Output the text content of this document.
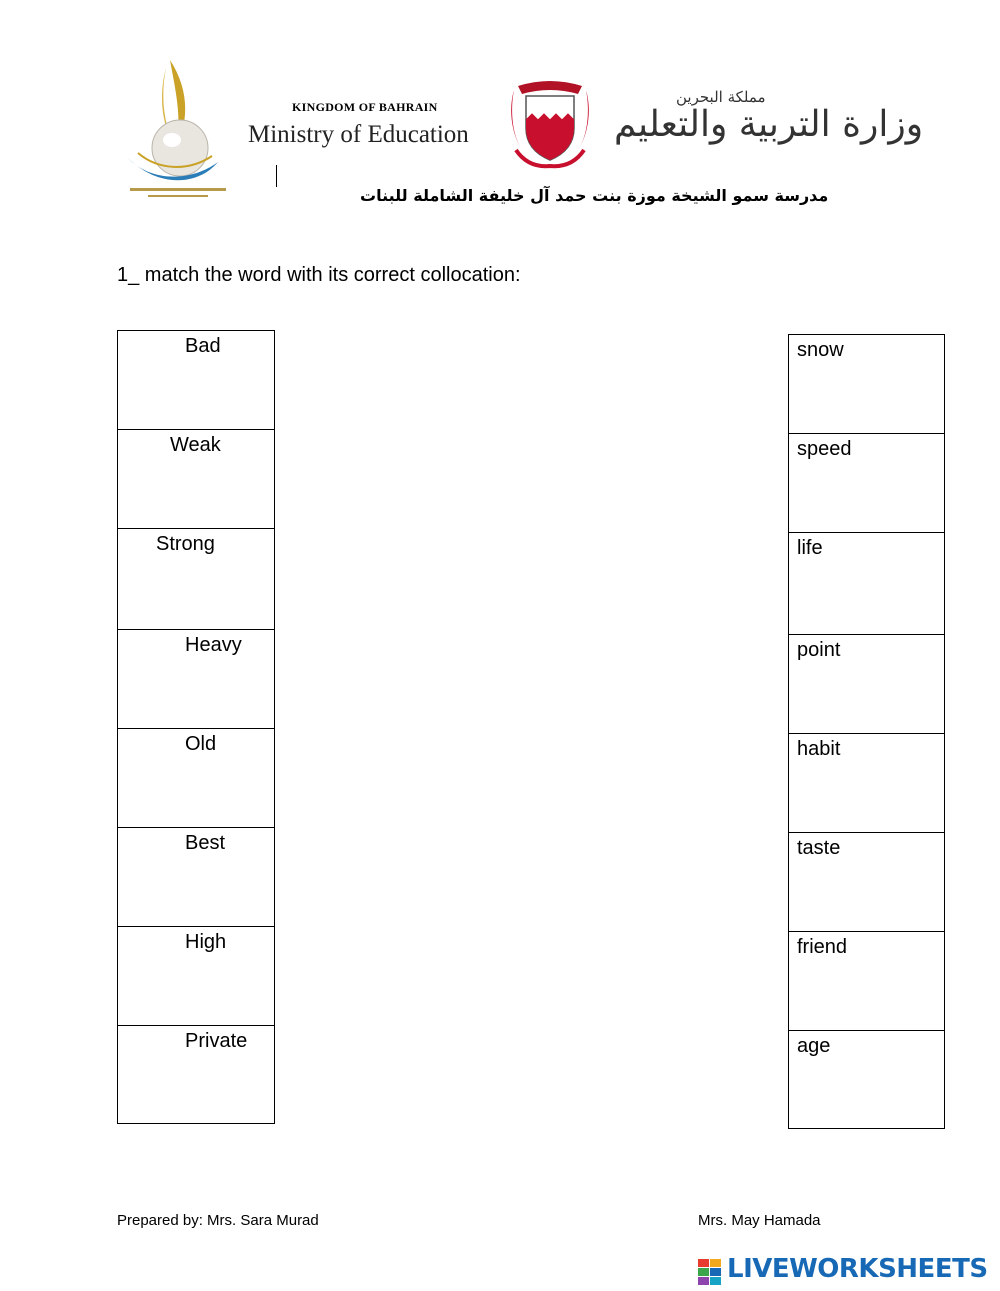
KINGDOM OF BAHRAIN
Ministry of Education
مملكة البحرين
وزارة التربية والتعليم
مدرسة سمو الشيخة موزة بنت حمد آل خليفة الشاملة للبنات
1_ match the word with its correct collocation:
Bad
Weak
Strong
Heavy
Old
Best
High
Private
snow
speed
life
point
habit
taste
friend
age
Prepared by: Mrs. Sara Murad	Mrs. May Hamada
LIVEWORKSHEETS
